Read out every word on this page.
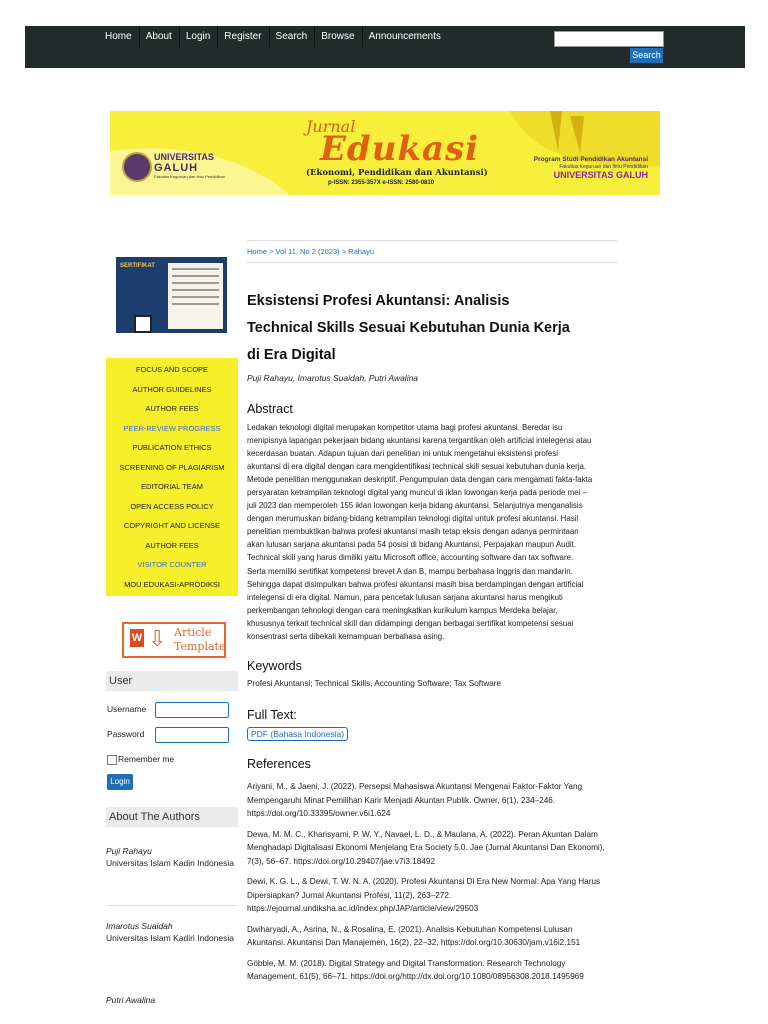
Home	About	Login	Register	Search	Browse	Announcements
Search
UNIVERSITAS
GALUH
Fakultas Keguruan dan Ilmu Pendidikan
Jurnal
Edukasi
(Ekonomi, Pendidikan dan Akuntansi)
p-ISSN: 2355-357X e-ISSN: 2580-0810
Program Studi Pendidikan Akuntansi
Fakultas Keguruan dan Ilmu Pendidikan
UNIVERSITAS GALUH
SERTIFIKAT
FOCUS AND SCOPE
AUTHOR GUIDELINES
AUTHOR FEES
PEER-REVIEW PROGRESS
PUBLICATION ETHICS
SCREENING OF PLAGIARISM
EDITORIAL TEAM
OPEN ACCESS POLICY
COPYRIGHT AND LICENSE
AUTHOR FEES
VISITOR COUNTER
MOU EDUKASI-APRODIKSI
W ⇩ Article
Template
User
Username
Password
Remember me
Login
About The Authors
Puji Rahayu
Universitas Islam Kadiri Indonesia
Imarotus Suaidah
Universitas Islam Kadiri Indonesia
Putri Awalina
Home > Vol 11, No 2 (2023) > Rahayu
Eksistensi Profesi Akuntansi: Analisis
Technical Skills Sesuai Kebutuhan Dunia Kerja
di Era Digital
Puji Rahayu, Imarotus Suaidah, Putri Awalina
Abstract
Ledakan teknologi digital merupakan kompetitor utama bagi profesi akuntansi. Beredar isu
menipisnya lapangan pekerjaan bidang akuntansi karena tergantikan oleh artificial intelegensi atau
kecerdasan buatan. Adapun tujuan dari penelitian ini untuk mengetahui eksistensi profesi
akuntansi di era digital dengan cara mengidentifikasi technical skill sesuai kebutuhan dunia kerja.
Metode penelitian menggunakan deskriptif. Pengumpulan data dengan cara mengamati fakta-fakta
persyaratan ketrampilan teknologi digital yang muncul di iklan lowongan kerja pada periode mei –
juli 2023 dan memperoleh 155 iklan lowongan kerja bidang akuntansi. Selanjutnya menganalisis
dengan merumuskan bidang-bidang ketrampilan teknologi digital untuk profesi akuntansi. Hasil
penelitian membuktikan bahwa profesi akuntansi masih tetap eksis dengan adanya permintaan
akan lulusan sarjana akuntansi pada 54 posisi di bidang Akuntansi, Perpajakan maupun Audit.
Technical skill yang harus dimiliki yaitu Microsoft office, accounting software dan tax software.
Serta memiliki sertifikat kompetensi brevet A dan B, mampu berbahasa Inggris dan mandarin.
Sehingga dapat disimpulkan bahwa profesi akuntansi masih bisa berdampingan dengan artificial
intelegensi di era digital. Namun, para pencetak lulusan sarjana akuntansi harus mengikuti
perkembangan tehnologi dengan cara meningkatkan kurikulum kampus Merdeka belajar,
khususnya terkait technical skill dan didampingi dengan berbagai sertifikat kompetensi sesuai
konsentrasi serta dibekali kemampuan berbahasa asing.
Keywords
Profesi Akuntansi; Technical Skills, Accounting Software; Tax Software
Full Text:
PDF (Bahasa Indonesia)
References
Ariyani, M., & Jaeni, J. (2022). Persepsi Mahasiswa Akuntansi Mengenai Faktor-Faktor Yang
Mempengaruhi Minat Pemilihan Karir Menjadi Akuntan Publik. Owner, 6(1), 234–246.
https://doi.org/10.33395/owner.v6i1.624
Dewa, M. M. C., Kharisyami, P. W. Y., Navael, L. D., & Maulana, A. (2022). Peran Akuntan Dalam
Menghadapi Digitalisasi Ekonomi Menjelang Era Society 5.0. Jae (Jurnal Akuntansi Dan Ekonomi),
7(3), 56–67. https://doi.org/10.29407/jae.v7i3.18492
Dewi, K. G. L., & Dewi, T. W. N. A. (2020). Profesi Akuntansi Di Era New Normal: Apa Yang Harus
Dipersiapkan? Jurnal Akuntansi Profesi, 11(2), 263–272.
https://ejournal.undiksha.ac.id/index.php/JAP/article/view/29503
Dwiharyadi, A., Asrina, N., & Rosalina, E. (2021). Analisis Kebutuhan Kompetensi Lulusan
Akuntansi. Akuntansi Dan Manajemen, 16(2), 22–32. https://doi.org/10.30630/jam.v16i2.151
Göbble, M. M. (2018). Digital Strategy and Digital Transformation. Research Technology
Management, 61(5), 66–71. https://doi.org/http://dx.doi.org/10.1080/08956308.2018.1495969
